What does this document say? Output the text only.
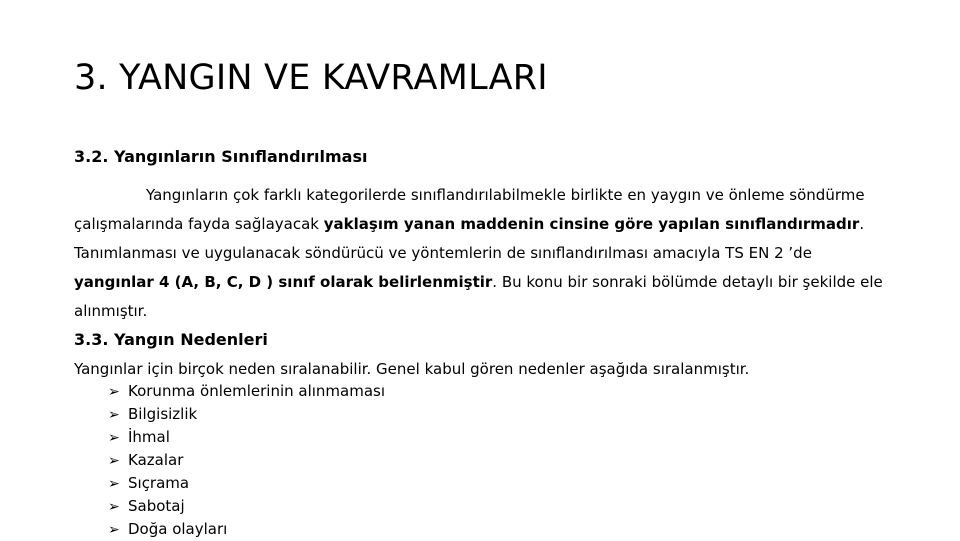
3. YANGIN VE KAVRAMLARI
3.2. Yangınların Sınıflandırılması
Yangınların çok farklı kategorilerde sınıflandırılabilmekle birlikte en yaygın ve önleme söndürme
çalışmalarında fayda sağlayacak yaklaşım yanan maddenin cinsine göre yapılan sınıflandırmadır.
Tanımlanması ve uygulanacak söndürücü ve yöntemlerin de sınıflandırılması amacıyla TS EN 2 ’de
yangınlar 4 (A, B, C, D ) sınıf olarak belirlenmiştir. Bu konu bir sonraki bölümde detaylı bir şekilde ele
alınmıştır.
3.3. Yangın Nedenleri
Yangınlar için birçok neden sıralanabilir. Genel kabul gören nedenler aşağıda sıralanmıştır.
➢ Korunma önlemlerinin alınmaması
➢ Bilgisizlik
➢ İhmal
➢ Kazalar
➢ Sıçrama
➢ Sabotaj
➢ Doğa olayları
